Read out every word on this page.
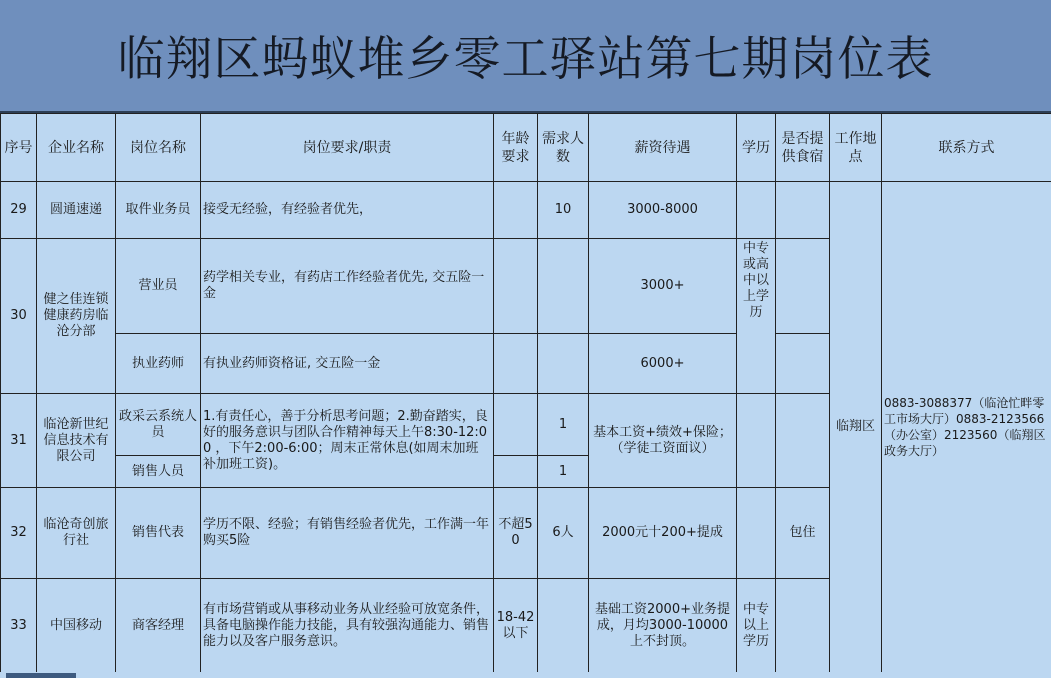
临翔区蚂蚁堆乡零工驿站第七期岗位表
序号	企业名称	岗位名称	岗位要求/职责	年龄要求	需求人数	薪资待遇	学历	是否提供食宿	工作地点	联系方式
29	圆通速递	取件业务员	接受无经验，有经验者优先，		10	3000-8000			临翔区	0883-3088377（临沧忙畔零工市场大厅）0883-2123566（办公室）2123560（临翔区政务大厅）
30	健之佳连锁健康药房临沧分部	营业员	药学相关专业，有药店工作经验者优先, 交五险一金			3000+	中专或高中以上学历			
		执业药师	有执业药师资格证, 交五险一金			6000+				
31	临沧新世纪信息技术有限公司	政采云系统人员	1.有责任心，善于分析思考问题；2.勤奋踏实，良好的服务意识与团队合作精神每天上午8:30-12:00 ，下午2:00-6:00；周末正常休息(如周末加班补加班工资)。		1	基本工资+绩效+保险；（学徒工资面议）				
		销售人员			1					
32	临沧奇创旅行社	销售代表	学历不限、经验；有销售经验者优先，工作满一年购买5险	不超50	6人	2000元十200+提成		包住		
33	中国移动	商客经理	有市场营销或从事移动业务从业经验可放宽条件，具备电脑操作能力技能，具有较强沟通能力、销售能力以及客户服务意识。	18-42以下		基础工资2000+业务提成，月均3000-10000上不封顶。	中专以上学历			
